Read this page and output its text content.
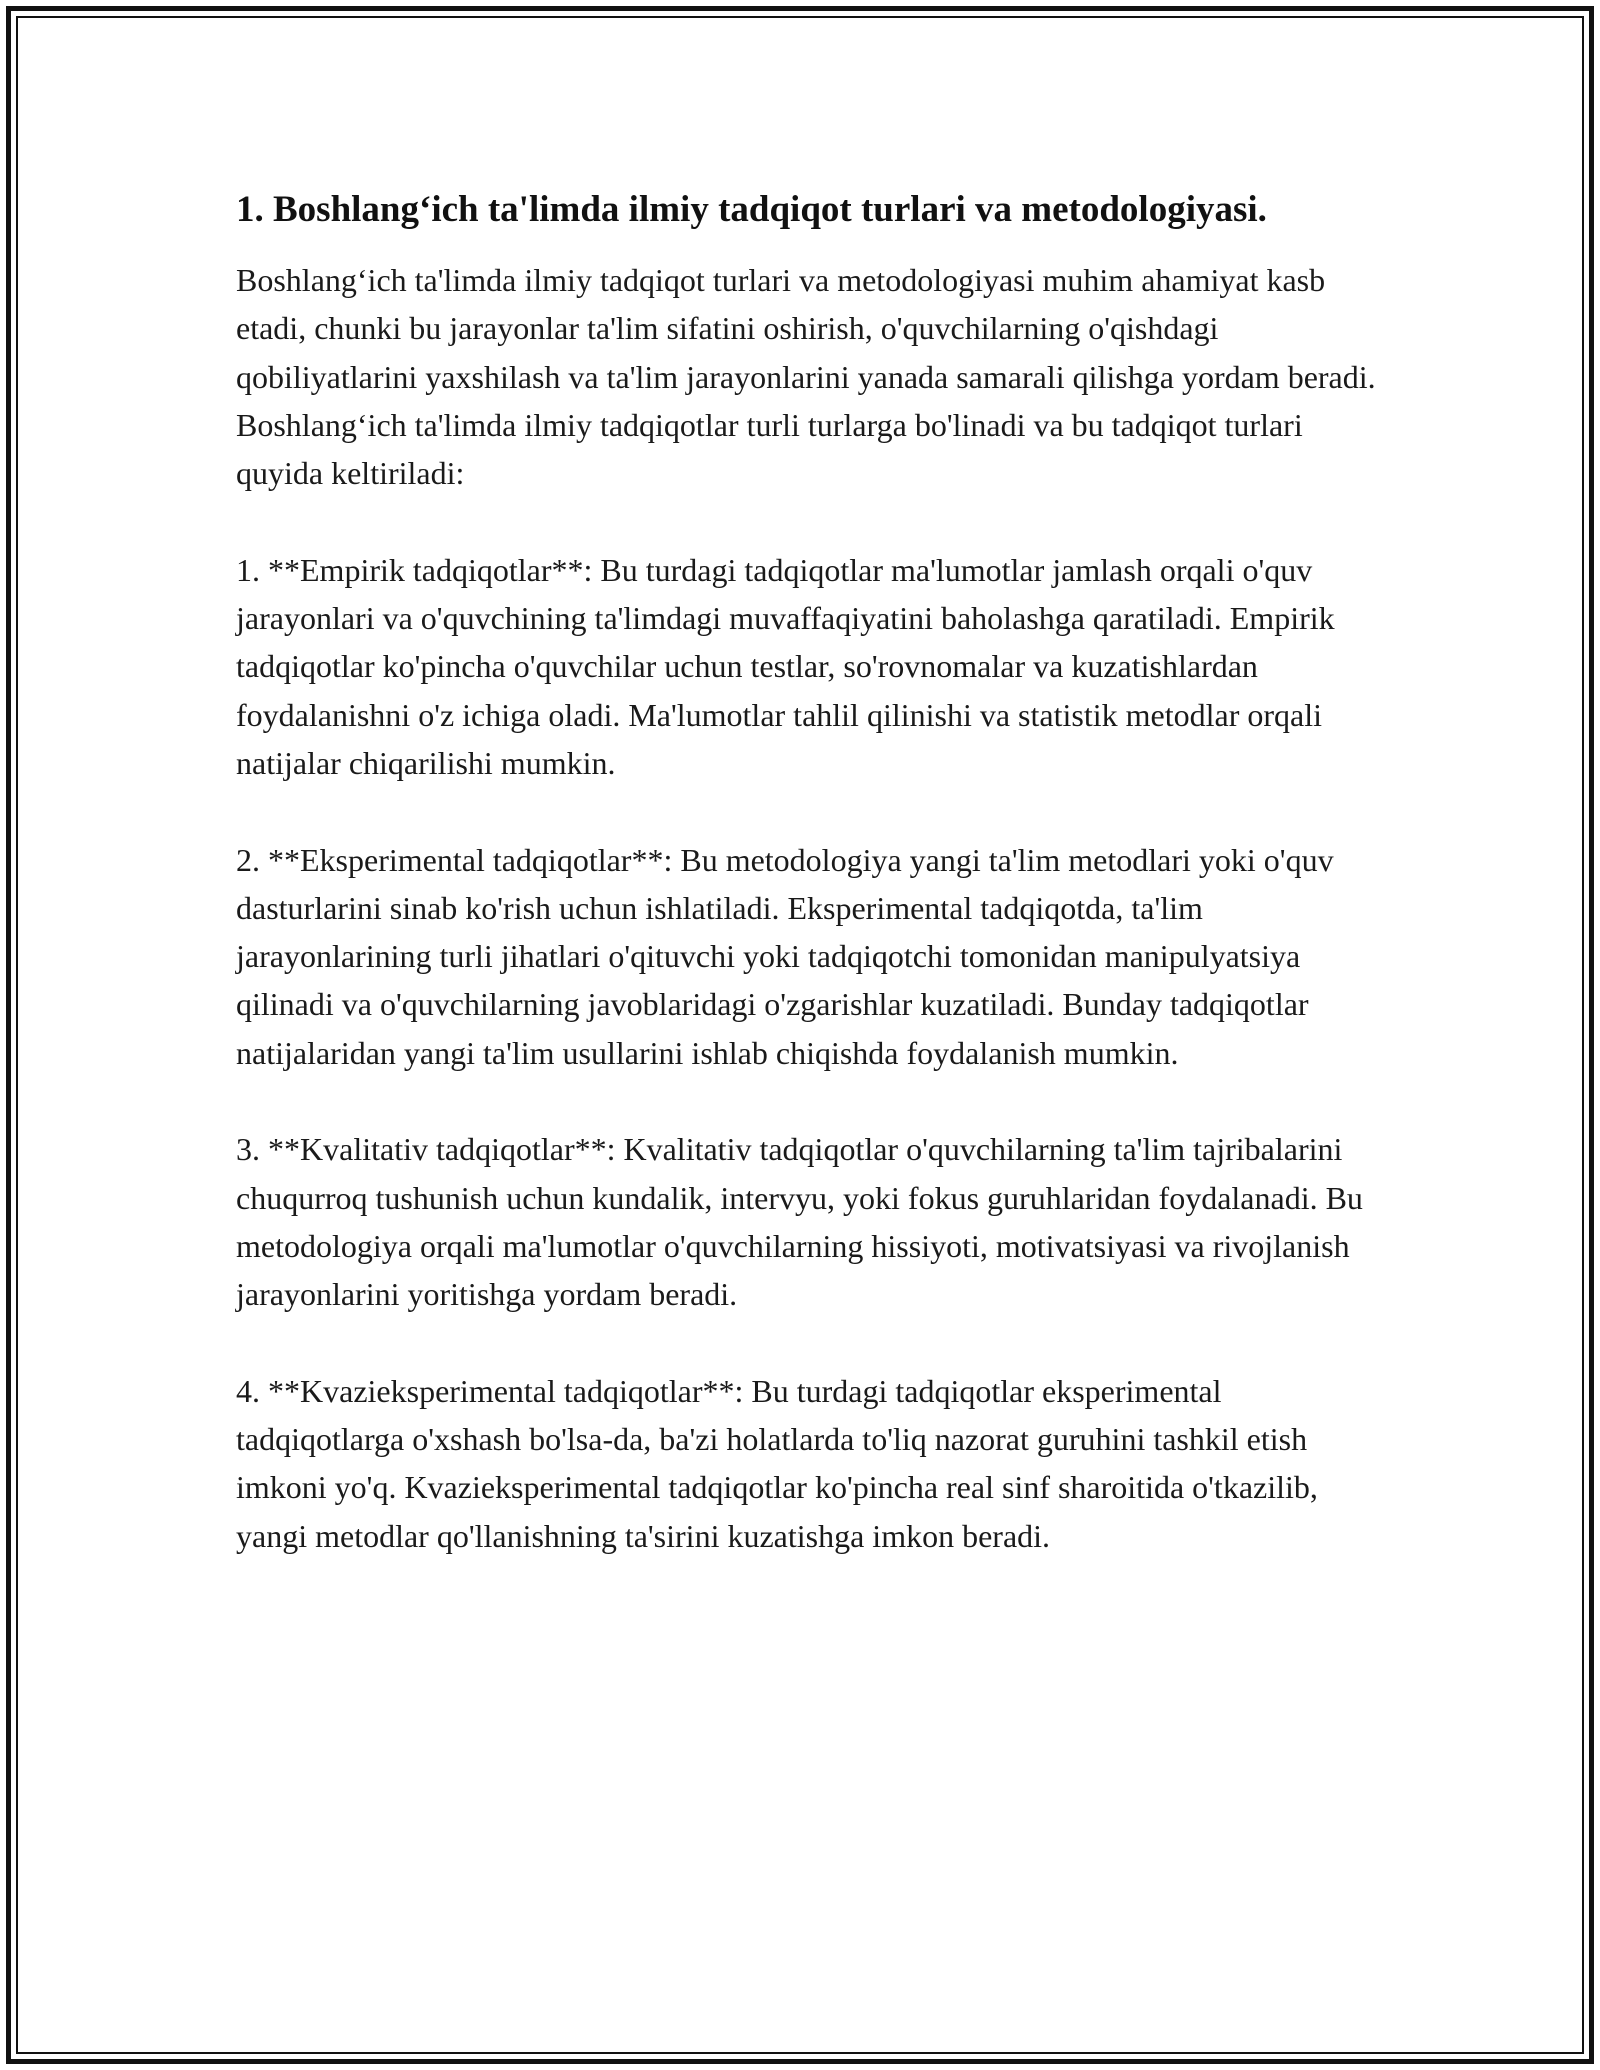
1. Boshlang‘ich ta'limda ilmiy tadqiqot turlari va metodologiyasi.

Boshlang‘ich ta'limda ilmiy tadqiqot turlari va metodologiyasi muhim ahamiyat kasb etadi, chunki bu jarayonlar ta'lim sifatini oshirish, o'quvchilarning o'qishdagi qobiliyatlarini yaxshilash va ta'lim jarayonlarini yanada samarali qilishga yordam beradi. Boshlang‘ich ta'limda ilmiy tadqiqotlar turli turlarga bo'linadi va bu tadqiqot turlari quyida keltiriladi:

1. **Empirik tadqiqotlar**: Bu turdagi tadqiqotlar ma'lumotlar jamlash orqali o'quv jarayonlari va o'quvchining ta'limdagi muvaffaqiyatini baholashga qaratiladi. Empirik tadqiqotlar ko'pincha o'quvchilar uchun testlar, so'rovnomalar va kuzatishlardan foydalanishni o'z ichiga oladi. Ma'lumotlar tahlil qilinishi va statistik metodlar orqali natijalar chiqarilishi mumkin.

2. **Eksperimental tadqiqotlar**: Bu metodologiya yangi ta'lim metodlari yoki o'quv dasturlarini sinab ko'rish uchun ishlatiladi. Eksperimental tadqiqotda, ta'lim jarayonlarining turli jihatlari o'qituvchi yoki tadqiqotchi tomonidan manipulyatsiya qilinadi va o'quvchilarning javoblaridagi o'zgarishlar kuzatiladi. Bunday tadqiqotlar natijalaridan yangi ta'lim usullarini ishlab chiqishda foydalanish mumkin.

3. **Kvalitativ tadqiqotlar**: Kvalitativ tadqiqotlar o'quvchilarning ta'lim tajribalarini chuqurroq tushunish uchun kundalik, intervyu, yoki fokus guruhlaridan foydalanadi. Bu metodologiya orqali ma'lumotlar o'quvchilarning hissiyoti, motivatsiyasi va rivojlanish jarayonlarini yoritishga yordam beradi.

4. **Kvazieksperimental tadqiqotlar**: Bu turdagi tadqiqotlar eksperimental tadqiqotlarga o'xshash bo'lsa-da, ba'zi holatlarda to'liq nazorat guruhini tashkil etish imkoni yo'q. Kvazieksperimental tadqiqotlar ko'pincha real sinf sharoitida o'tkazilib, yangi metodlar qo'llanishning ta'sirini kuzatishga imkon beradi.
